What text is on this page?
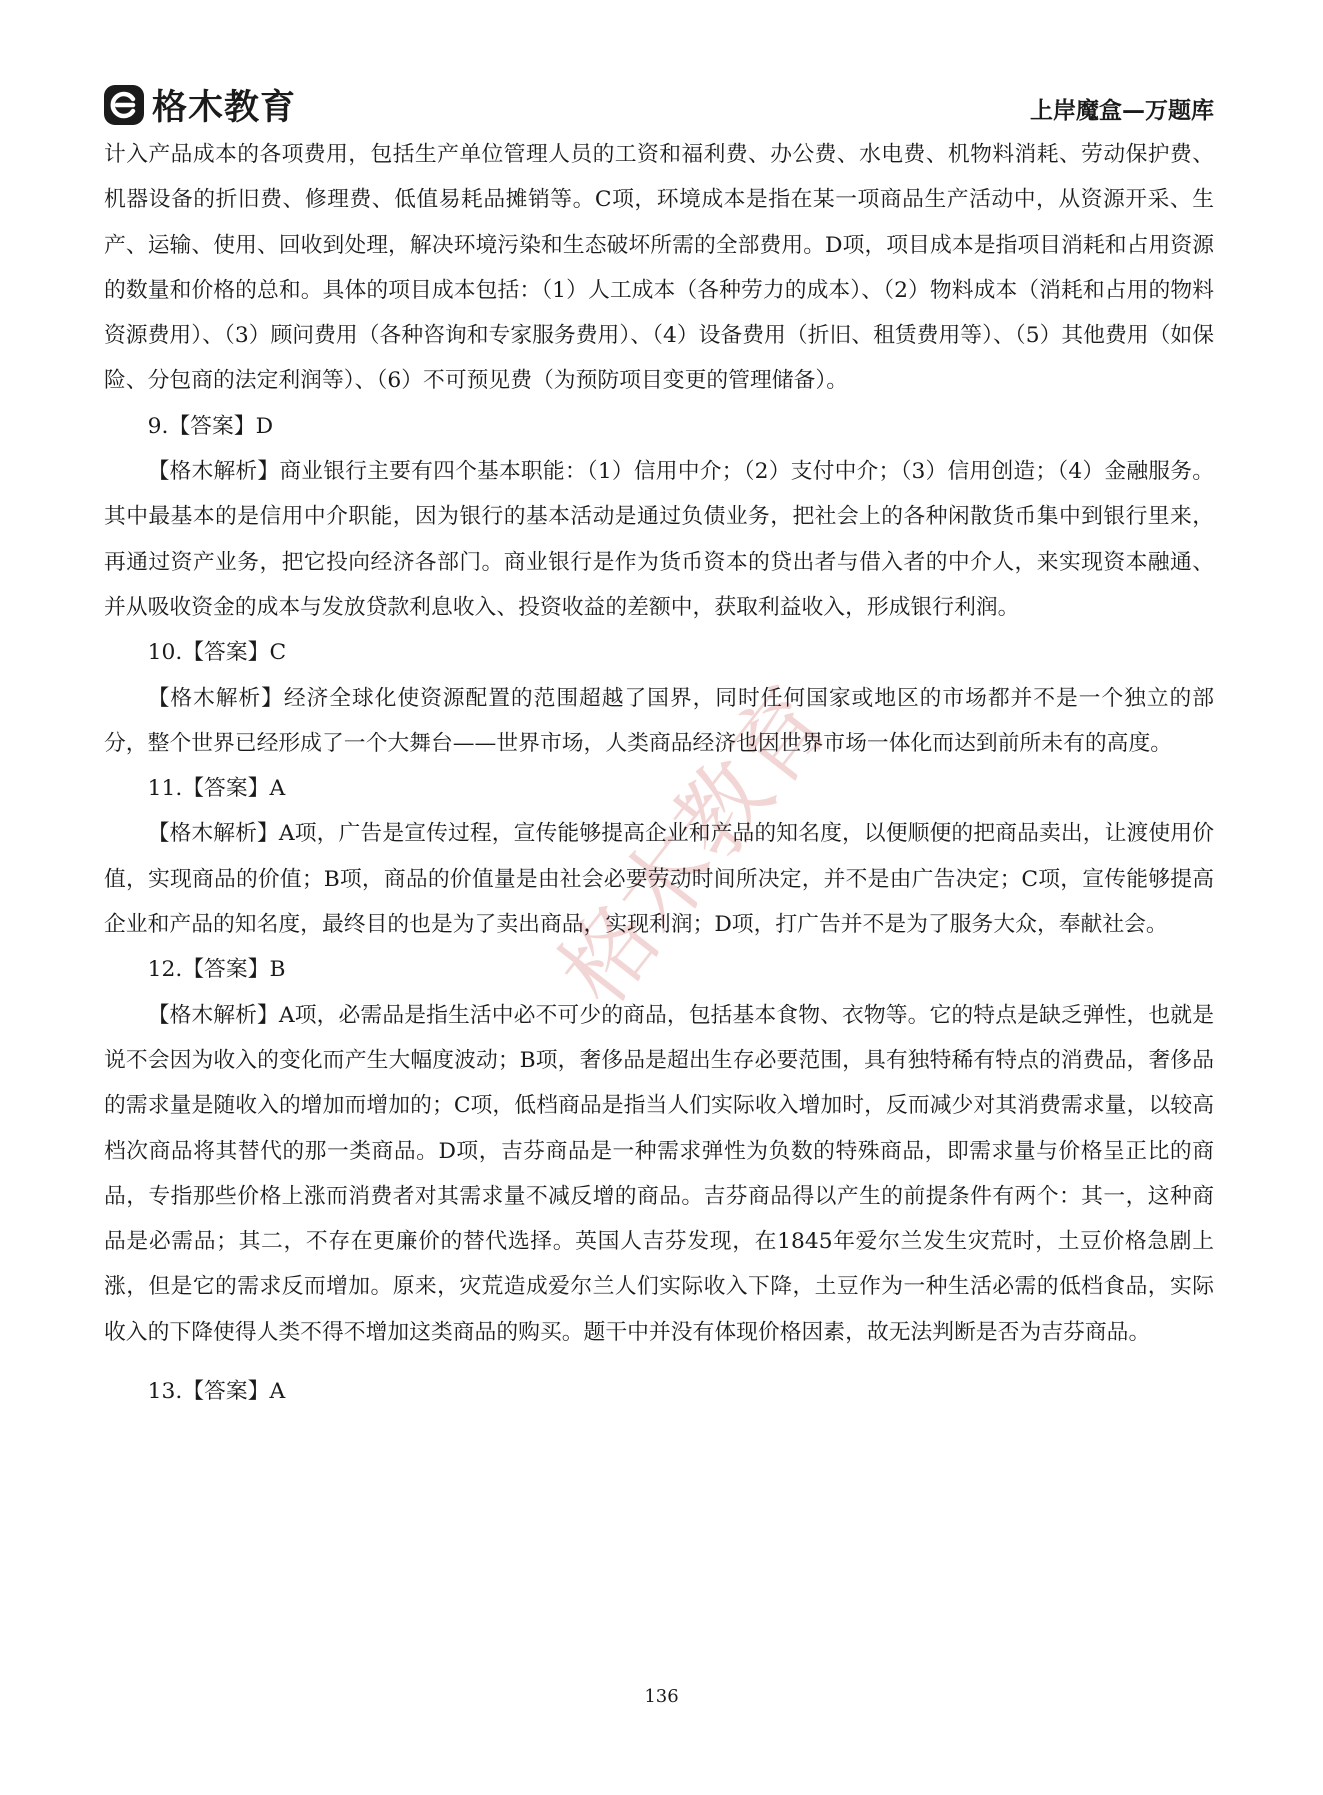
格木教育	上岸魔盒—万题库
格木教育

计入产品成本的各项费用，包括生产单位管理人员的工资和福利费、办公费、水电费、机物料消耗、劳动保护费、机器设备的折旧费、修理费、低值易耗品摊销等。C项，环境成本是指在某一项商品生产活动中，从资源开采、生产、运输、使用、回收到处理，解决环境污染和生态破坏所需的全部费用。D项，项目成本是指项目消耗和占用资源的数量和价格的总和。具体的项目成本包括：（1）人工成本（各种劳力的成本）、（2）物料成本（消耗和占用的物料资源费用）、（3）顾问费用（各种咨询和专家服务费用）、（4）设备费用（折旧、租赁费用等）、（5）其他费用（如保险、分包商的法定利润等）、（6）不可预见费（为预防项目变更的管理储备）。

9.【答案】D

【格木解析】商业银行主要有四个基本职能：（1）信用中介；（2）支付中介；（3）信用创造；（4）金融服务。其中最基本的是信用中介职能，因为银行的基本活动是通过负债业务，把社会上的各种闲散货币集中到银行里来，再通过资产业务，把它投向经济各部门。商业银行是作为货币资本的贷出者与借入者的中介人，来实现资本融通、并从吸收资金的成本与发放贷款利息收入、投资收益的差额中，获取利益收入，形成银行利润。

10.【答案】C

【格木解析】经济全球化使资源配置的范围超越了国界，同时任何国家或地区的市场都并不是一个独立的部分，整个世界已经形成了一个大舞台——世界市场，人类商品经济也因世界市场一体化而达到前所未有的高度。

11.【答案】A

【格木解析】A项，广告是宣传过程，宣传能够提高企业和产品的知名度，以便顺便的把商品卖出，让渡使用价值，实现商品的价值；B项，商品的价值量是由社会必要劳动时间所决定，并不是由广告决定；C项，宣传能够提高企业和产品的知名度，最终目的也是为了卖出商品，实现利润；D项，打广告并不是为了服务大众，奉献社会。

12.【答案】B

【格木解析】A项，必需品是指生活中必不可少的商品，包括基本食物、衣物等。它的特点是缺乏弹性，也就是说不会因为收入的变化而产生大幅度波动；B项，奢侈品是超出生存必要范围，具有独特稀有特点的消费品，奢侈品的需求量是随收入的增加而增加的；C项，低档商品是指当人们实际收入增加时，反而减少对其消费需求量，以较高档次商品将其替代的那一类商品。D项，吉芬商品是一种需求弹性为负数的特殊商品，即需求量与价格呈正比的商品，专指那些价格上涨而消费者对其需求量不减反增的商品。吉芬商品得以产生的前提条件有两个：其一，这种商品是必需品；其二，不存在更廉价的替代选择。英国人吉芬发现，在1845年爱尔兰发生灾荒时，土豆价格急剧上涨，但是它的需求反而增加。原来，灾荒造成爱尔兰人们实际收入下降，土豆作为一种生活必需的低档食品，实际收入的下降使得人类不得不增加这类商品的购买。题干中并没有体现价格因素，故无法判断是否为吉芬商品。

13.【答案】A

136
